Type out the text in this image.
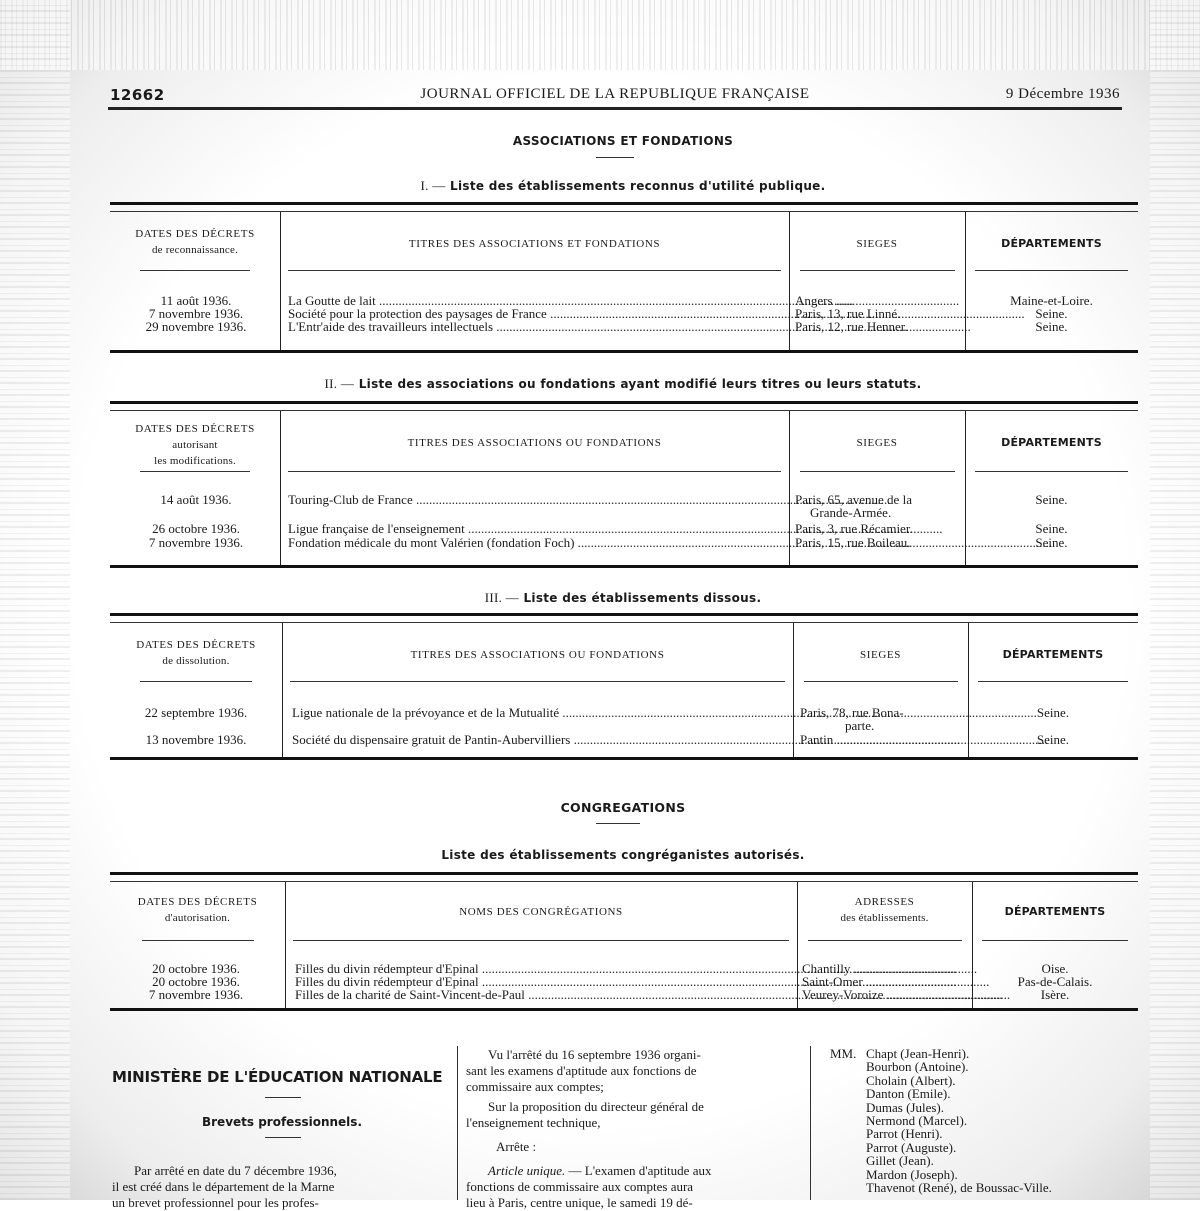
12662	JOURNAL OFFICIEL DE LA REPUBLIQUE FRANÇAISE	9 Décembre 1936
ASSOCIATIONS ET FONDATIONS
I. — Liste des établissements reconnus d'utilité publique.
DATES DES DÉCRETS
de reconnaissance.	TITRES DES ASSOCIATIONS ET FONDATIONS	SIEGES	DÉPARTEMENTS
11 août 1936.	La Goutte de lait .....	Angers .....	Maine-et-Loire.
7 novembre 1936.	Société pour la protection des paysages de France .....	Paris, 13, rue Linné.	Seine.
29 novembre 1936.	L'Entr'aide des travailleurs intellectuels .....	Paris, 12, rue Henner.	Seine.
II. — Liste des associations ou fondations ayant modifié leurs titres ou leurs statuts.
DATES DES DÉCRETS
autorisant
les modifications.
TITRES DES ASSOCIATIONS OU FONDATIONS	SIEGES	DÉPARTEMENTS
14 août 1936.	Touring-Club de France .....	Paris, 65, avenue de la	Seine.
Grande-Armée.
26 octobre 1936.	Ligue française de l'enseignement .....	Paris, 3, rue Récamier.	Seine.
7 novembre 1936.	Fondation médicale du mont Valérien (fondation Foch) .....	Paris, 15, rue Boileau.	Seine.
III. — Liste des établissements dissous.
DATES DES DÉCRETS
de dissolution.	TITRES DES ASSOCIATIONS OU FONDATIONS	SIEGES	DÉPARTEMENTS
22 septembre 1936.	Ligue nationale de la prévoyance et de la Mutualité .....	Paris, 78, rue Bona-	Seine.
parte.
13 novembre 1936.	Société du dispensaire gratuit de Pantin-Aubervilliers .....	Pantin .....	Seine.
CONGREGATIONS
Liste des établissements congréganistes autorisés.
DATES DES DÉCRETS
d'autorisation.	NOMS DES CONGRÉGATIONS
ADRESSES
des établissements.	DÉPARTEMENTS
20 octobre 1936.	Filles du divin rédempteur d'Epinal .....	Chantilly .....	Oise.
20 octobre 1936.	Filles du divin rédempteur d'Epinal .....	Saint-Omer .....	Pas-de-Calais.
7 novembre 1936.	Filles de la charité de Saint-Vincent-de-Paul .....	Veurey-Voroize .....	Isère.
MINISTÈRE DE L'ÉDUCATION NATIONALE
Brevets professionnels.

Par arrêté en date du 7 décembre 1936,

il est créé dans le département de la Marne

un brevet professionnel pour les profes-

Vu l'arrêté du 16 septembre 1936 organi-

sant les examens d'aptitude aux fonctions de

commissaire aux comptes;

Sur la proposition du directeur général de

l'enseignement technique,

Arrête :

Article unique. — L'examen d'aptitude aux

fonctions de commissaire aux comptes aura

lieu à Paris, centre unique, le samedi 19 dé-

MM. Chapt (Jean-Henri).
Bourbon (Antoine).
Cholain (Albert).
Danton (Emile).
Dumas (Jules).
Nermond (Marcel).
Parrot (Henri).
Parrot (Auguste).
Gillet (Jean).
Mardon (Joseph).
Thavenot (René), de Boussac-Ville.
